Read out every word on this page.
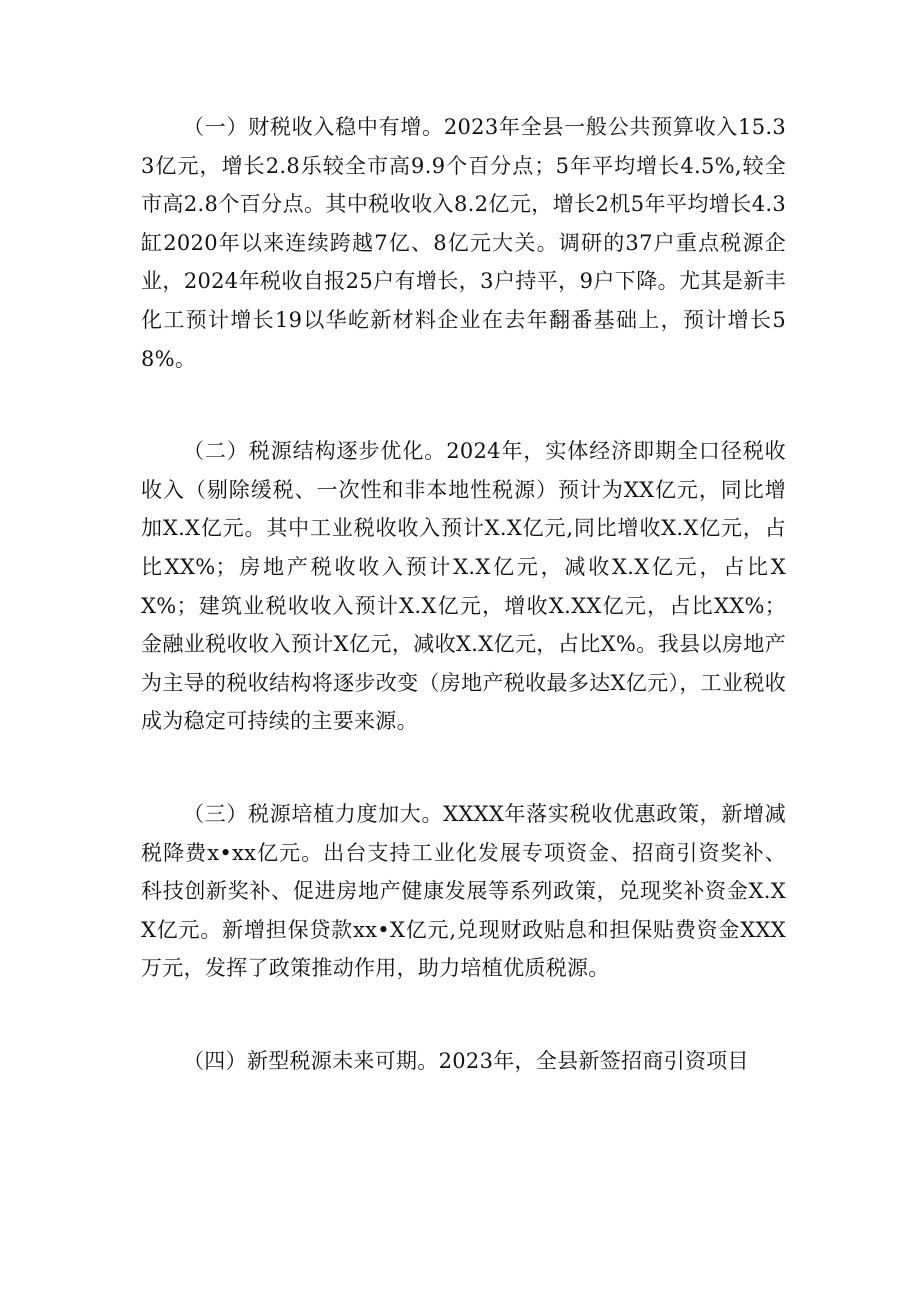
（一）财税收入稳中有增。2023年全县一般公共预算收入15.33亿元，增长2.8乐较全市高9.9个百分点；5年平均增长4.5%,较全市高2.8个百分点。其中税收收入8.2亿元，增长2机5年平均增长4.3缸2020年以来连续跨越7亿、8亿元大关。调研的37户重点税源企业，2024年税收自报25户有增长，3户持平，9户下降。尤其是新丰化工预计增长19以华屹新材料企业在去年翻番基础上，预计增长58%。

（二）税源结构逐步优化。2024年，实体经济即期全口径税收收入（剔除缓税、一次性和非本地性税源）预计为XX亿元，同比增加X.X亿元。其中工业税收收入预计X.X亿元,同比增收X.X亿元，占比XX%；房地产税收收入预计X.X亿元，减收X.X亿元，占比XX%；建筑业税收收入预计X.X亿元，增收X.XX亿元，占比XX%；金融业税收收入预计X亿元，减收X.X亿元，占比X%。我县以房地产为主导的税收结构将逐步改变（房地产税收最多达X亿元），工业税收成为稳定可持续的主要来源。

（三）税源培植力度加大。XXXX年落实税收优惠政策，新增减税降费x•xx亿元。出台支持工业化发展专项资金、招商引资奖补、科技创新奖补、促进房地产健康发展等系列政策，兑现奖补资金X.XX亿元。新增担保贷款xx•X亿元,兑现财政贴息和担保贴费资金XXX万元，发挥了政策推动作用，助力培植优质税源。

（四）新型税源未来可期。2023年，全县新签招商引资项目
